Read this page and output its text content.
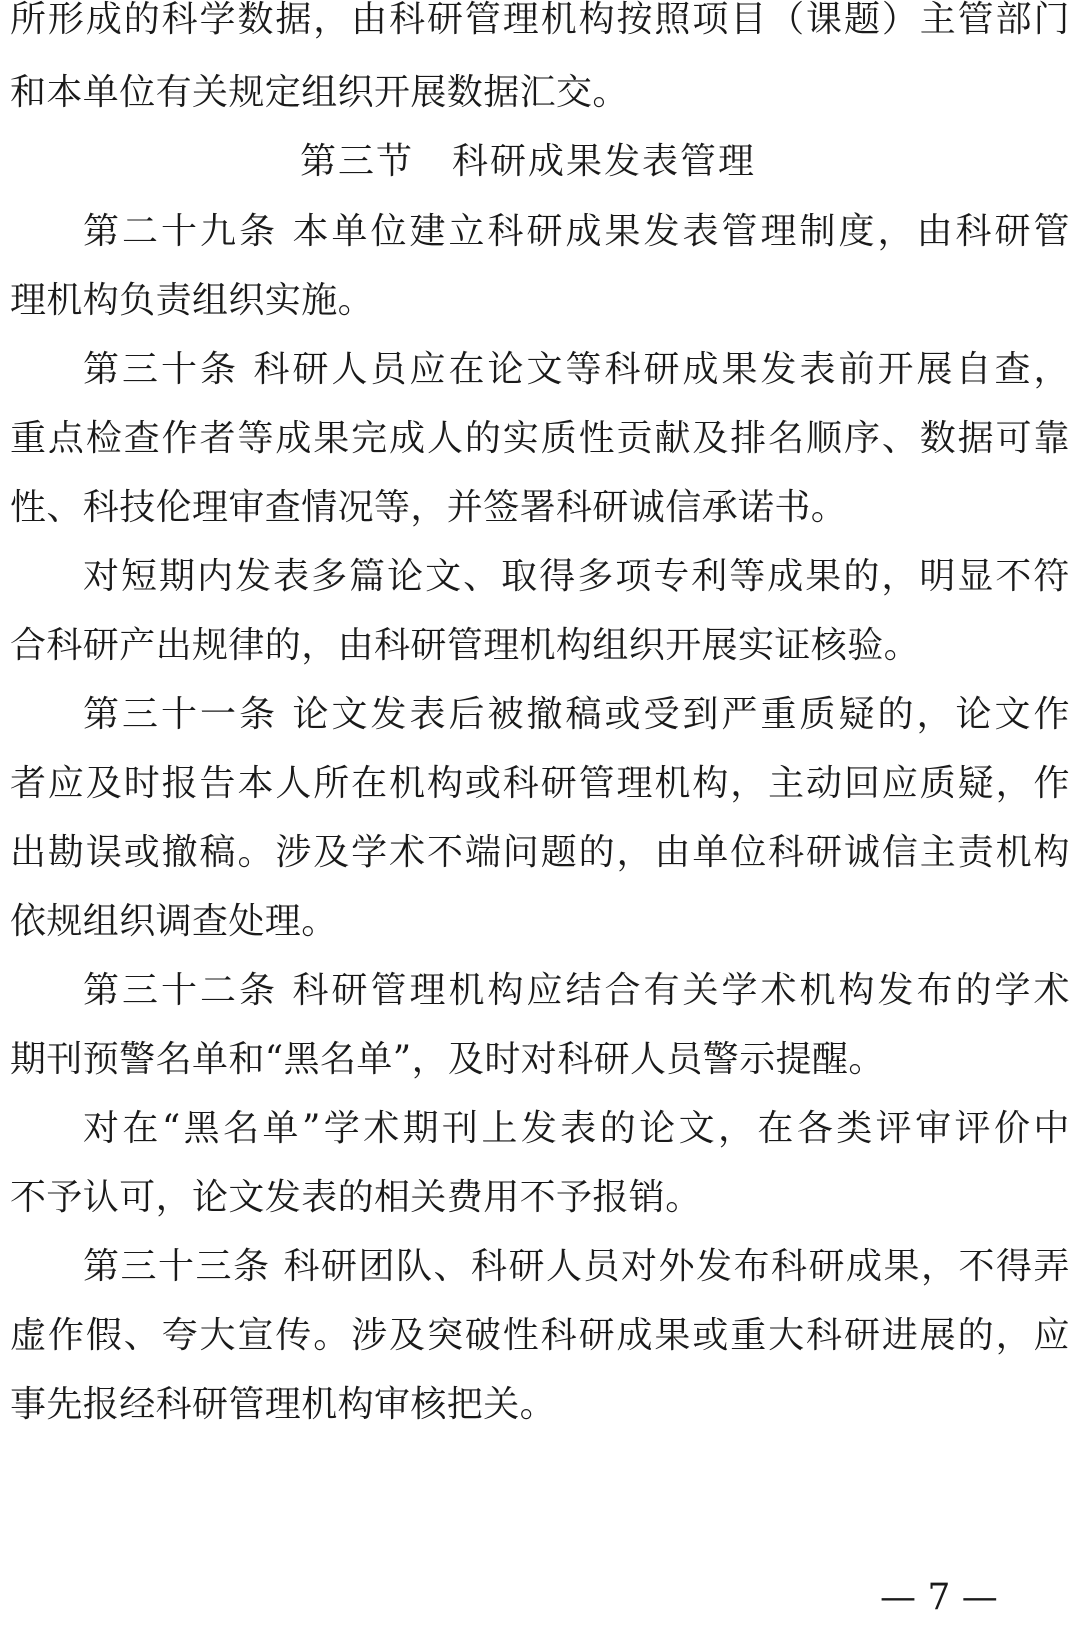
所 形 成 的 科 学 数 据 ， 由 科 研 管 理 机 构 按 照 项 目 （ 课 题 ） 主 管 部 门
和本单位有关规定组织开展数据汇交。
第三节　科研成果发表管理
第 二 十 九 条
本 单 位 建 立 科 研 成 果 发 表 管 理 制 度 ， 由 科 研 管
理机构负责组织实施。
第 三 十 条
科 研 人 员 应 在 论 文 等 科 研 成 果 发 表 前 开 展 自 查 ，
重 点 检 查 作 者 等 成 果 完 成 人 的 实 质 性 贡 献 及 排 名 顺 序 、 数 据 可 靠
性、科技伦理审查情况等，并签署科研诚信承诺书。
对 短 期 内 发 表 多 篇 论 文 、 取 得 多 项 专 利 等 成 果 的 ， 明 显 不 符
合科研产出规律的，由科研管理机构组织开展实证核验。
第 三 十 一 条
论 文 发 表 后 被 撤 稿 或 受 到 严 重 质 疑 的 ， 论 文 作
者 应 及 时 报 告 本 人 所 在 机 构 或 科 研 管 理 机 构 ， 主 动 回 应 质 疑 ， 作
出 勘 误 或 撤 稿 。 涉 及 学 术 不 端 问 题 的 ， 由 单 位 科 研 诚 信 主 责 机 构
依规组织调查处理。
第 三 十 二 条
科 研 管 理 机 构 应 结 合 有 关 学 术 机 构 发 布 的 学 术
期刊预警名单和“黑名单”，及时对科研人员警示提醒。
对 在 “ 黑 名 单 ” 学 术 期 刊 上 发 表 的 论 文 ， 在 各 类 评 审 评 价 中
不予认可，论文发表的相关费用不予报销。
第 三 十 三 条
科 研 团 队 、 科 研 人 员 对 外 发 布 科 研 成 果 ， 不 得 弄
虚 作 假 、 夸 大 宣 传 。 涉 及 突 破 性 科 研 成 果 或 重 大 科 研 进 展 的 ， 应
事先报经科研管理机构审核把关。
— 7 —
